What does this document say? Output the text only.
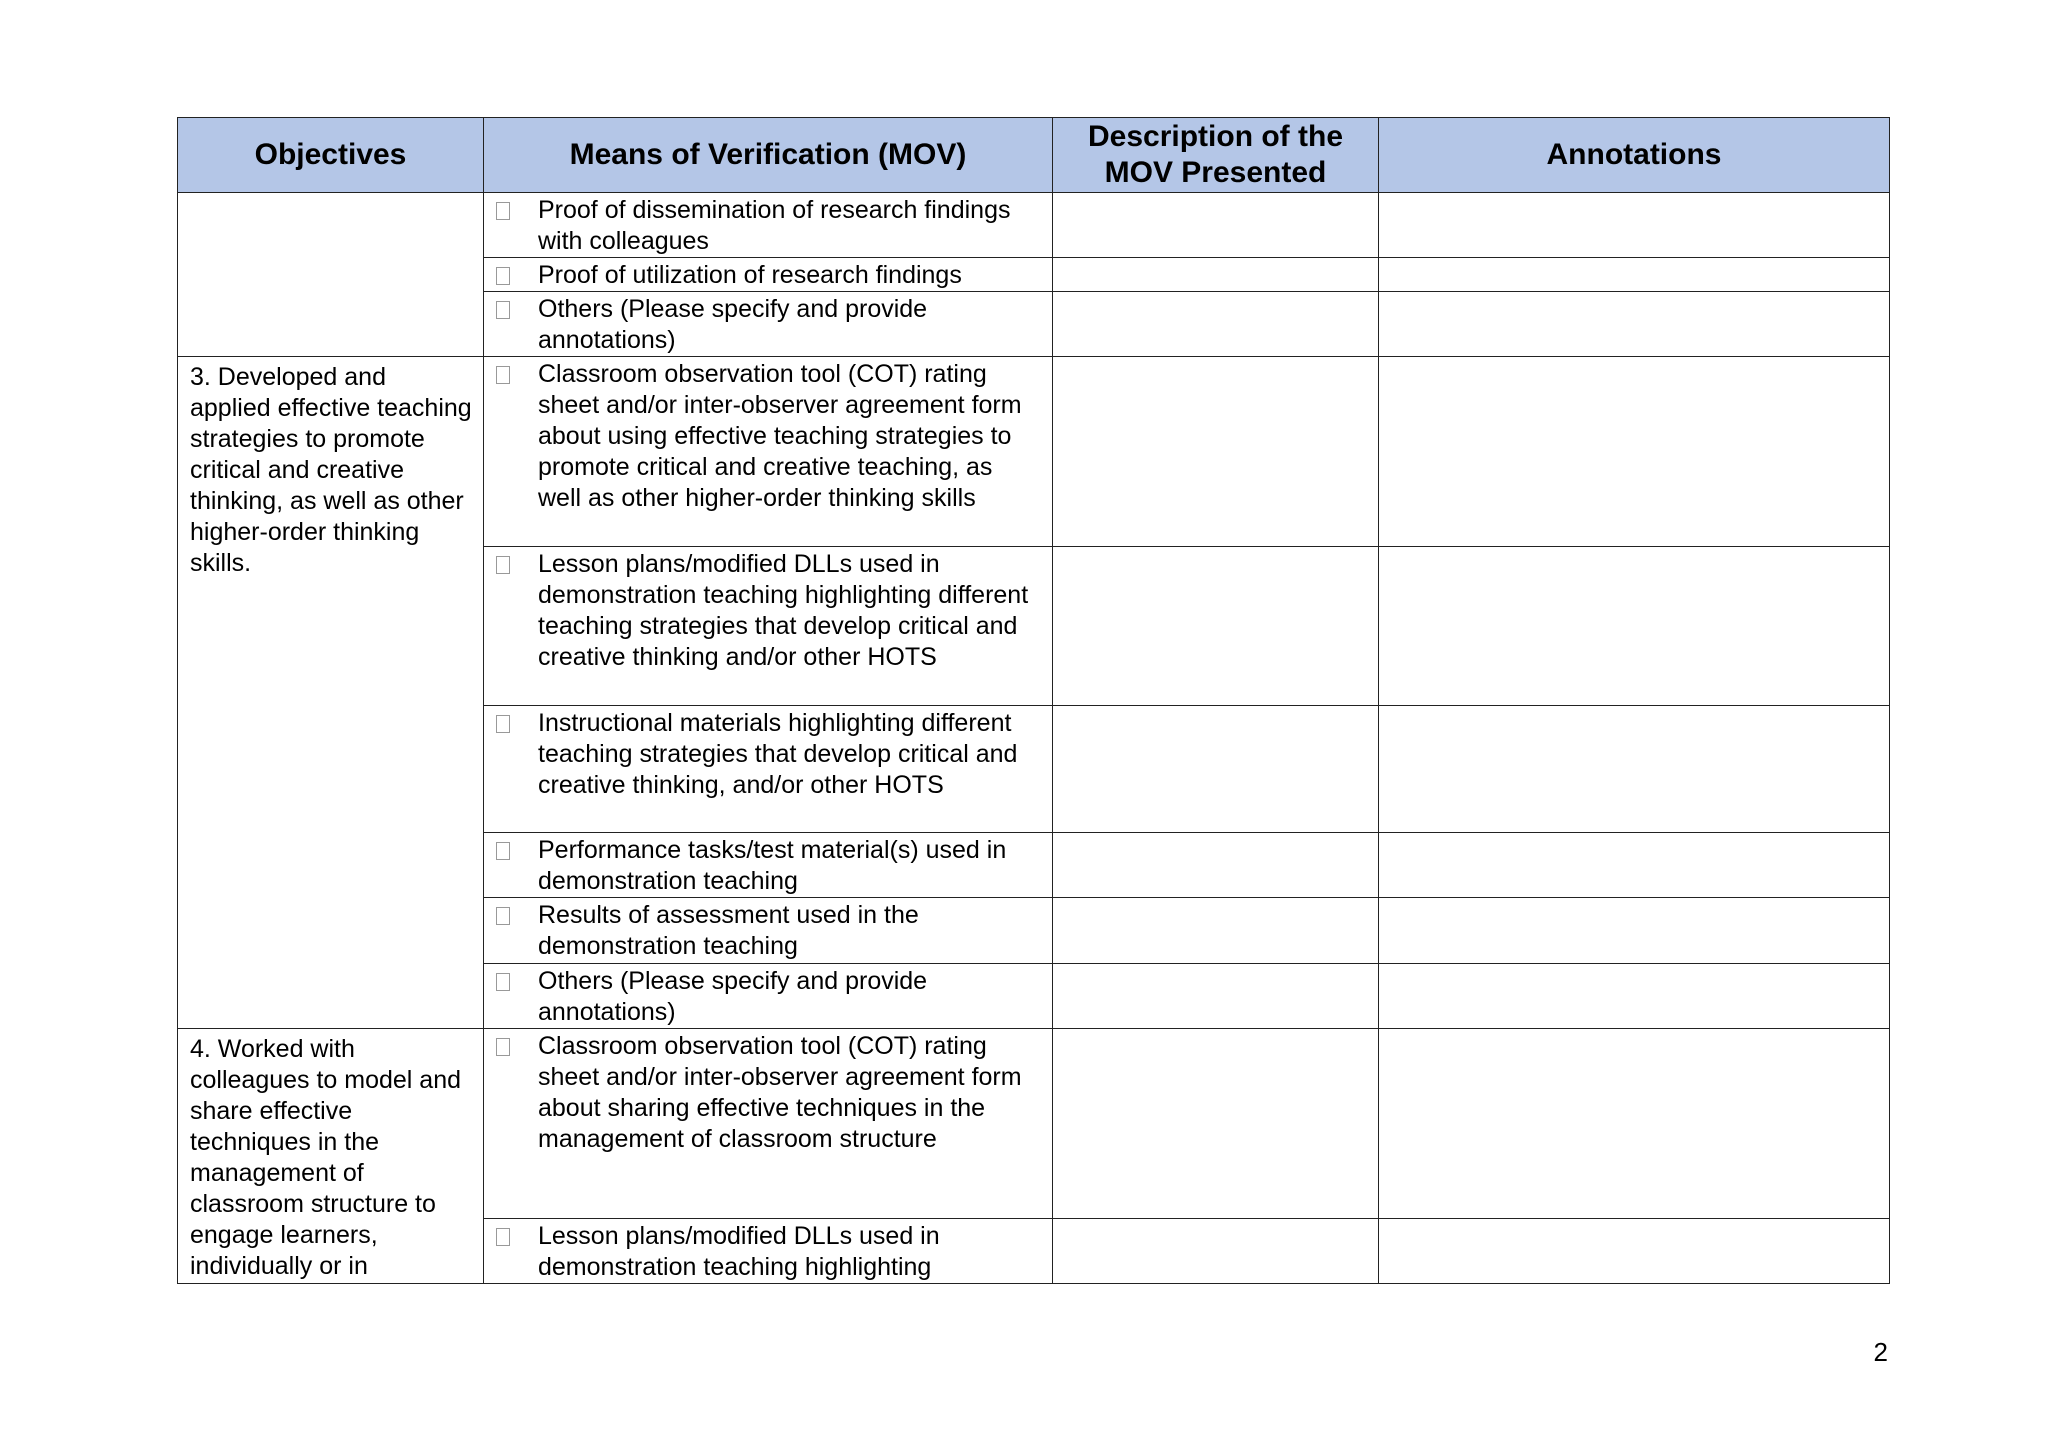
Objectives	Means of Verification (MOV)	Description of the MOV Presented	Annotations

	Proof of dissemination of research findings with colleagues		

	Proof of utilization of research findings		

	Others (Please specify and provide annotations)		

3. Developed and applied effective teaching strategies to promote critical and creative thinking, as well as other higher-order thinking skills.	Classroom observation tool (COT) rating sheet and/or inter-observer agreement form about using effective teaching strategies to promote critical and creative teaching, as well as other higher-order thinking skills		

	Lesson plans/modified DLLs used in demonstration teaching highlighting different teaching strategies that develop critical and creative thinking and/or other HOTS		

	Instructional materials highlighting different teaching strategies that develop critical and creative thinking, and/or other HOTS		

	Performance tasks/test material(s) used in demonstration teaching		

	Results of assessment used in the demonstration teaching		

	Others (Please specify and provide annotations)		

4. Worked with colleagues to model and share effective techniques in the management of classroom structure to engage learners, individually or in	Classroom observation tool (COT) rating sheet and/or inter-observer agreement form about sharing effective techniques in the management of classroom structure		

	Lesson plans/modified DLLs used in demonstration teaching highlighting		

2
